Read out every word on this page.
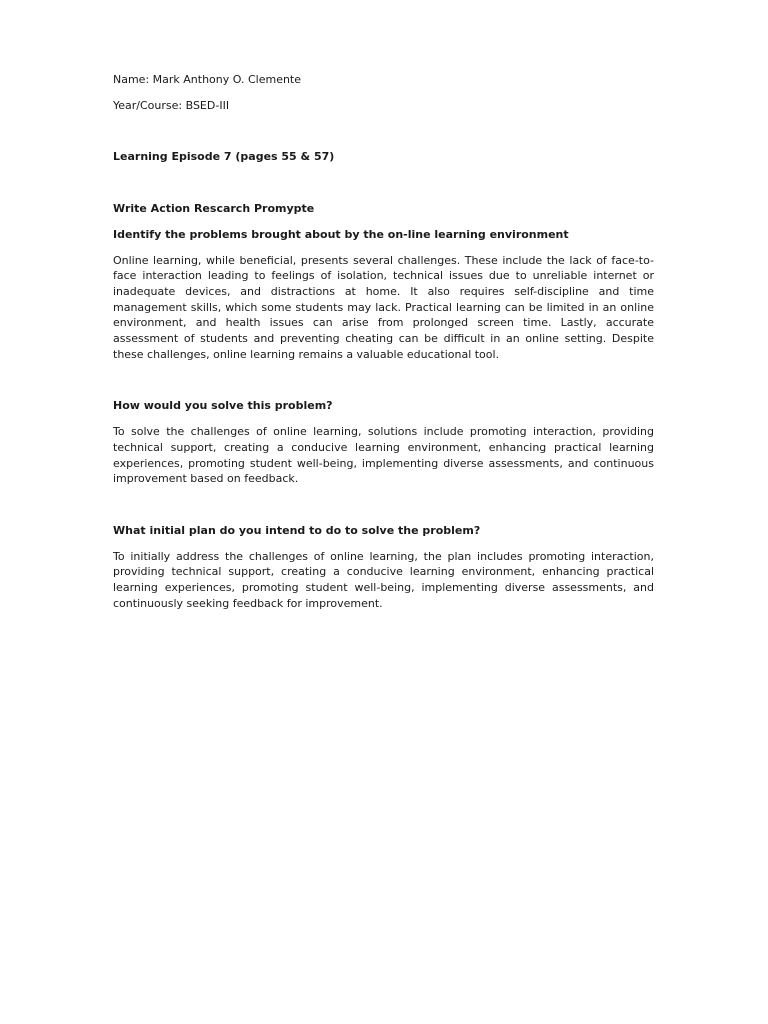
Name: Mark Anthony O. Clemente

Year/Course: BSED-III

Learning Episode 7 (pages 55 & 57)

Write Action Rescarch Promypte

Identify the problems brought about by the on-line learning environment

Online learning, while beneficial, presents several challenges. These include the lack of face-to-face interaction leading to feelings of isolation, technical issues due to unreliable internet or inadequate devices, and distractions at home. It also requires self-discipline and time management skills, which some students may lack. Practical learning can be limited in an online environment, and health issues can arise from prolonged screen time. Lastly, accurate assessment of students and preventing cheating can be difficult in an online setting. Despite these challenges, online learning remains a valuable educational tool.

How would you solve this problem?

To solve the challenges of online learning, solutions include promoting interaction, providing technical support, creating a conducive learning environment, enhancing practical learning experiences, promoting student well-being, implementing diverse assessments, and continuous improvement based on feedback.

What initial plan do you intend to do to solve the problem?

To initially address the challenges of online learning, the plan includes promoting interaction, providing technical support, creating a conducive learning environment, enhancing practical learning experiences, promoting student well-being, implementing diverse assessments, and continuously seeking feedback for improvement.
